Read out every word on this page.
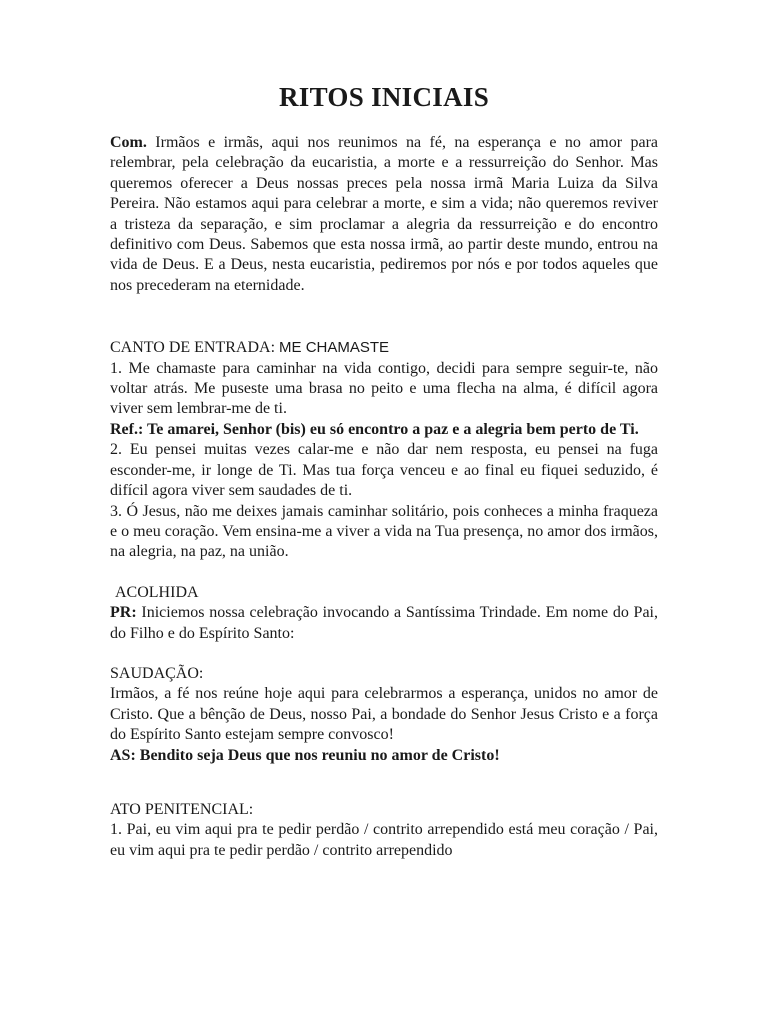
RITOS INICIAIS

Com. Irmãos e irmãs, aqui nos reunimos na fé, na esperança e no amor para relembrar, pela celebração da eucaristia, a morte e a ressurreição do Senhor. Mas queremos oferecer a Deus nossas preces pela nossa irmã Maria Luiza da Silva Pereira. Não estamos aqui para celebrar a morte, e sim a vida; não queremos reviver a tristeza da separação, e sim proclamar a alegria da ressurreição e do encontro definitivo com Deus. Sabemos que esta nossa irmã, ao partir deste mundo, entrou na vida de Deus. E a Deus, nesta eucaristia, pediremos por nós e por todos aqueles que nos precederam na eternidade.

CANTO DE ENTRADA: ME CHAMASTE

1. Me chamaste para caminhar na vida contigo, decidi para sempre seguir-te, não voltar atrás. Me puseste uma brasa no peito e uma flecha na alma, é difícil agora viver sem lembrar-me de ti.

Ref.: Te amarei, Senhor (bis) eu só encontro a paz e a alegria bem perto de Ti.

2. Eu pensei muitas vezes calar-me e não dar nem resposta, eu pensei na fuga esconder-me, ir longe de Ti. Mas tua força venceu e ao final eu fiquei seduzido, é difícil agora viver sem saudades de ti.

3. Ó Jesus, não me deixes jamais caminhar solitário, pois conheces a minha fraqueza e o meu coração. Vem ensina-me a viver a vida na Tua presença, no amor dos irmãos, na alegria, na paz, na união.

ACOLHIDA

PR: Iniciemos nossa celebração invocando a Santíssima Trindade. Em nome do Pai, do Filho e do Espírito Santo:

SAUDAÇÃO:

Irmãos, a fé nos reúne hoje aqui para celebrarmos a esperança, unidos no amor de Cristo. Que a bênção de Deus, nosso Pai, a bondade do Senhor Jesus Cristo e a força do Espírito Santo estejam sempre convosco!

AS: Bendito seja Deus que nos reuniu no amor de Cristo!

ATO PENITENCIAL:

1. Pai, eu vim aqui pra te pedir perdão / contrito arrependido está meu coração / Pai, eu vim aqui pra te pedir perdão / contrito arrependido
